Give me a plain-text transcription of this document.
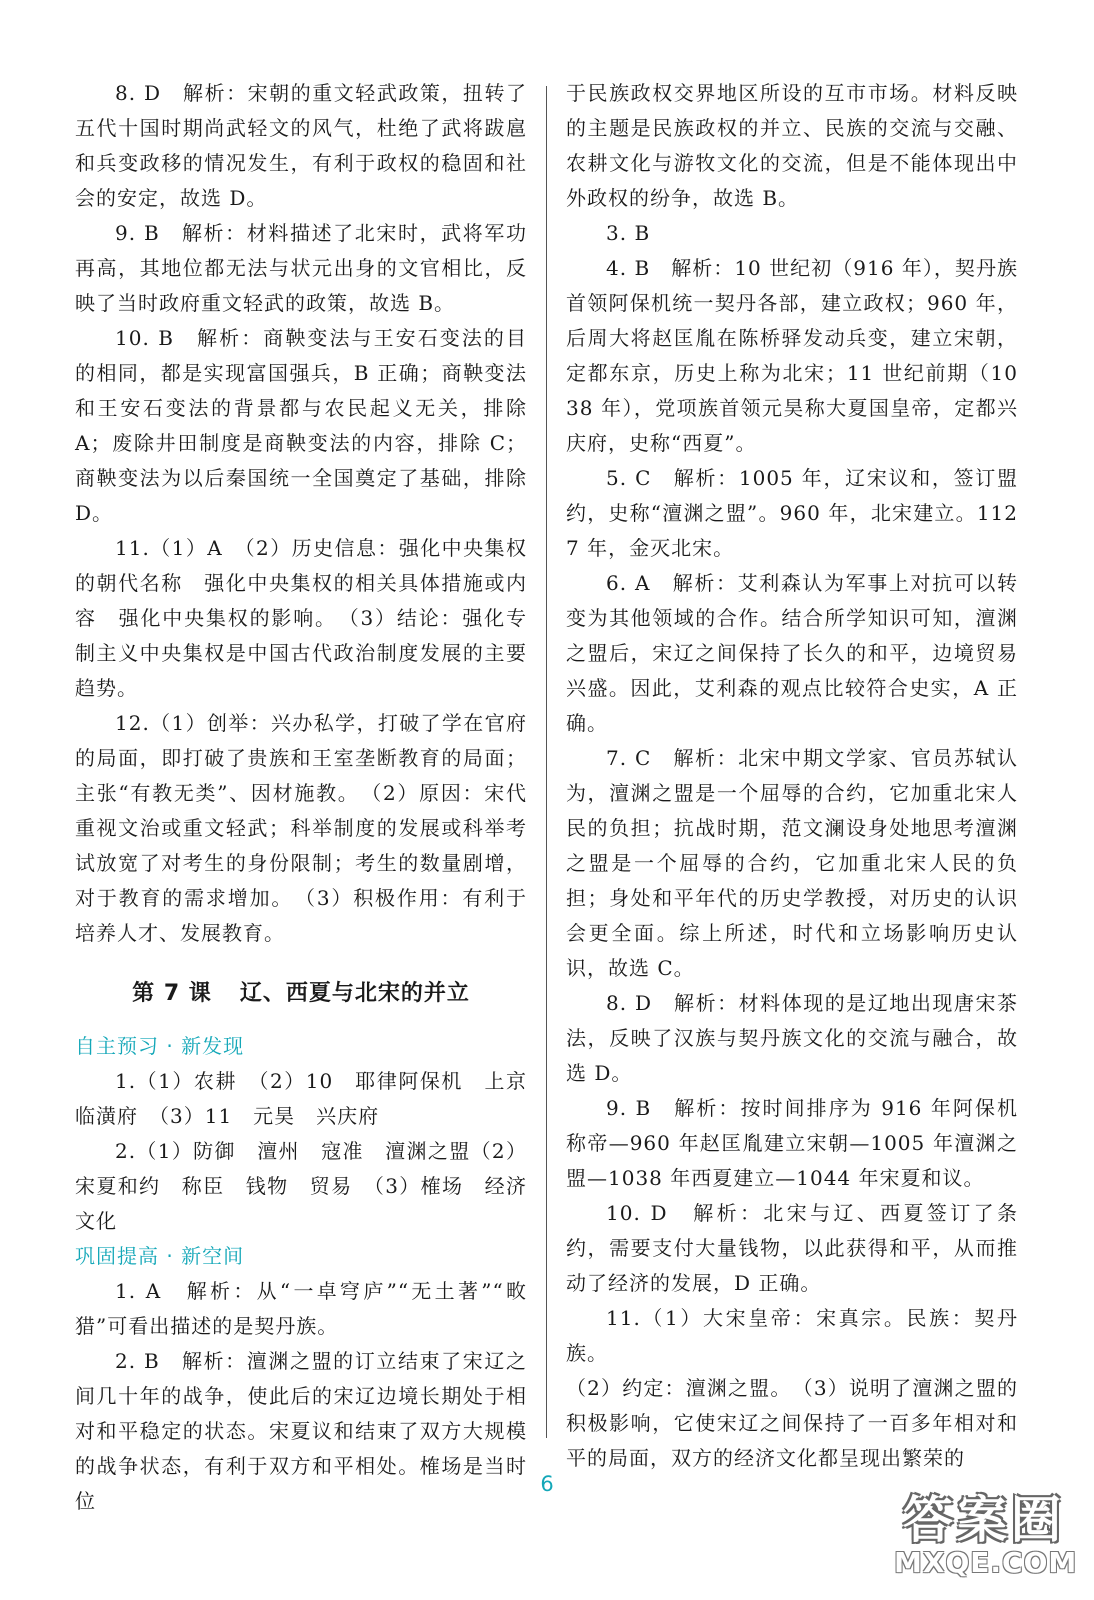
8. D　解析：宋朝的重文轻武政策，扭转了五代十国时期尚武轻文的风气，杜绝了武将跋扈和兵变政移的情况发生，有利于政权的稳固和社会的安定，故选 D。

9. B　解析：材料描述了北宋时，武将军功再高，其地位都无法与状元出身的文官相比，反映了当时政府重文轻武的政策，故选 B。

10. B　解析：商鞅变法与王安石变法的目的相同，都是实现富国强兵，B 正确；商鞅变法和王安石变法的背景都与农民起义无关，排除 A；废除井田制度是商鞅变法的内容，排除 C；商鞅变法为以后秦国统一全国奠定了基础，排除 D。

11.（1）A　（2）历史信息：强化中央集权的朝代名称　强化中央集权的相关具体措施或内容　强化中央集权的影响。　（3）结论：强化专制主义中央集权是中国古代政治制度发展的主要趋势。

12.（1）创举：兴办私学，打破了学在官府的局面，即打破了贵族和王室垄断教育的局面；主张“有教无类”、因材施教。　（2）原因：宋代重视文治或重文轻武；科举制度的发展或科举考试放宽了对考生的身份限制；考生的数量剧增，对于教育的需求增加。　（3）积极作用：有利于培养人才、发展教育。

第 7 课 辽、西夏与北宋的并立

自主预习 · 新发现

1.（1）农耕　（2）10　耶律阿保机　上京临潢府　（3）11　元昊　兴庆府

2.（1）防御　澶州　寇准　澶渊之盟（2）宋夏和约　称臣　钱物　贸易　（3）榷场　经济文化

巩固提高 · 新空间

1. A　解析：从“一卓穹庐”“无土著”“畋猎”可看出描述的是契丹族。

2. B　解析：澶渊之盟的订立结束了宋辽之间几十年的战争，使此后的宋辽边境长期处于相对和平稳定的状态。宋夏议和结束了双方大规模的战争状态，有利于双方和平相处。榷场是当时位

于民族政权交界地区所设的互市市场。材料反映的主题是民族政权的并立、民族的交流与交融、农耕文化与游牧文化的交流，但是不能体现出中外政权的纷争，故选 B。

3. B

4. B　解析：10 世纪初（916 年），契丹族首领阿保机统一契丹各部，建立政权；960 年，后周大将赵匡胤在陈桥驿发动兵变，建立宋朝，定都东京，历史上称为北宋；11 世纪前期（1038 年），党项族首领元昊称大夏国皇帝，定都兴庆府，史称“西夏”。

5. C　解析：1005 年，辽宋议和，签订盟约，史称“澶渊之盟”。960 年，北宋建立。1127 年，金灭北宋。

6. A　解析：艾利森认为军事上对抗可以转变为其他领域的合作。结合所学知识可知，澶渊之盟后，宋辽之间保持了长久的和平，边境贸易兴盛。因此，艾利森的观点比较符合史实，A 正确。

7. C　解析：北宋中期文学家、官员苏轼认为，澶渊之盟是一个屈辱的合约，它加重北宋人民的负担；抗战时期，范文澜设身处地思考澶渊之盟是一个屈辱的合约，它加重北宋人民的负担；身处和平年代的历史学教授，对历史的认识会更全面。综上所述，时代和立场影响历史认识，故选 C。

8. D　解析：材料体现的是辽地出现唐宋茶法，反映了汉族与契丹族文化的交流与融合，故选 D。

9. B　解析：按时间排序为 916 年阿保机称帝—960 年赵匡胤建立宋朝—1005 年澶渊之盟—1038 年西夏建立—1044 年宋夏和议。

10. D　解析：北宋与辽、西夏签订了条约，需要支付大量钱物，以此获得和平，从而推动了经济的发展，D 正确。

11.（1）大宋皇帝：宋真宗。民族：契丹族。

（2）约定：澶渊之盟。　（3）说明了澶渊之盟的积极影响，它使宋辽之间保持了一百多年相对和平的局面，双方的经济文化都呈现出繁荣的

6
答案圈
MXQE.COM
